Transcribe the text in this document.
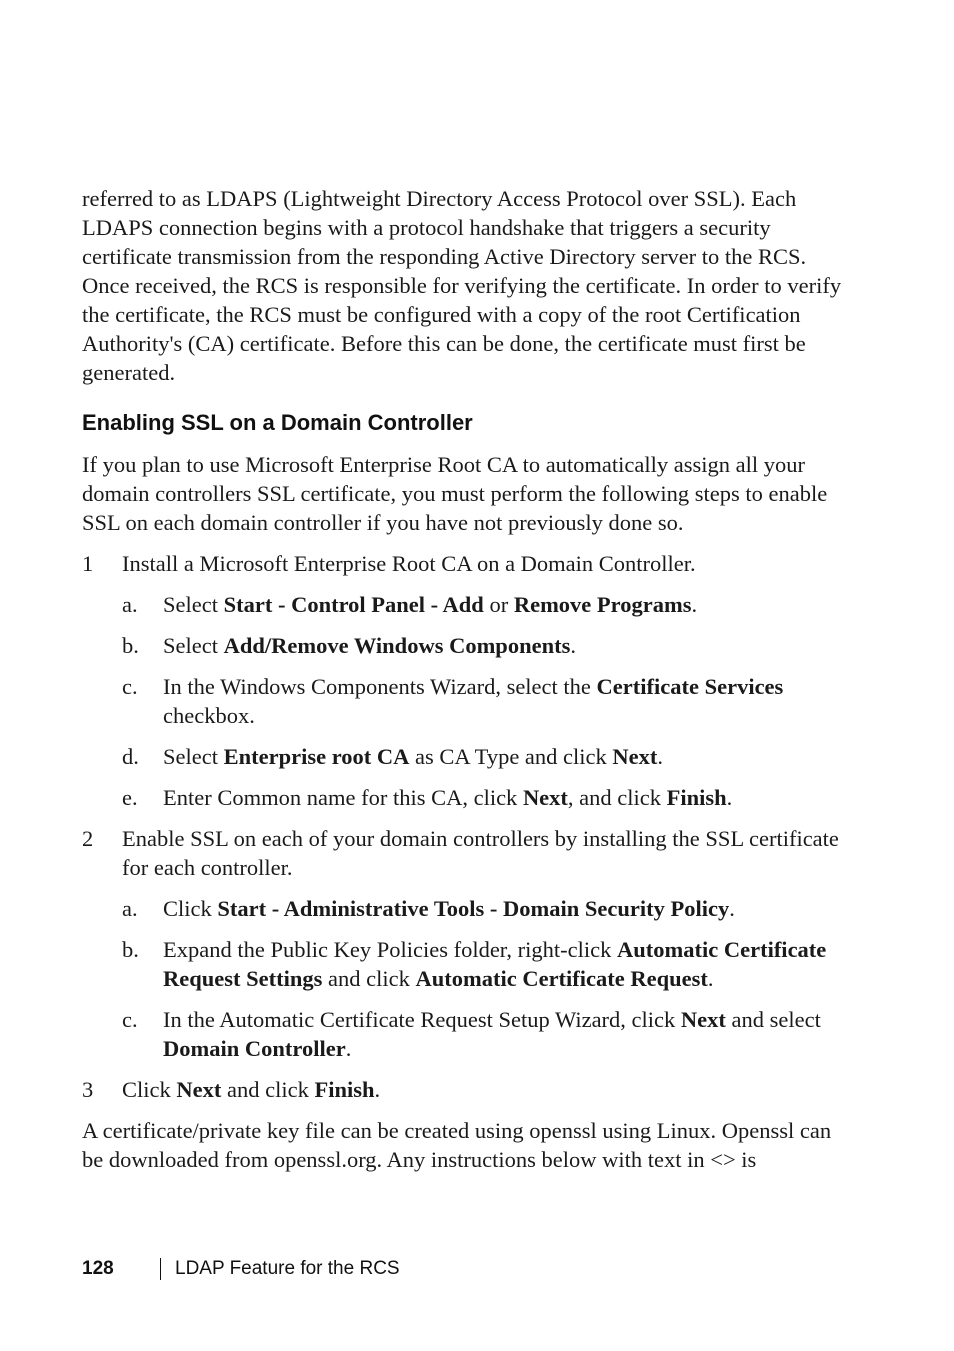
referred to as LDAPS (Lightweight Directory Access Protocol over SSL). Each LDAPS connection begins with a protocol handshake that triggers a security certificate transmission from the responding Active Directory server to the RCS. Once received, the RCS is responsible for verifying the certificate. In order to verify the certificate, the RCS must be configured with a copy of the root Certification Authority's (CA) certificate. Before this can be done, the certificate must first be generated.

Enabling SSL on a Domain Controller

If you plan to use Microsoft Enterprise Root CA to automatically assign all your domain controllers SSL certificate, you must perform the following steps to enable SSL on each domain controller if you have not previously done so.

1 Install a Microsoft Enterprise Root CA on a Domain Controller.
a. Select Start - Control Panel - Add or Remove Programs.
b. Select Add/Remove Windows Components.
c. In the Windows Components Wizard, select the Certificate Services checkbox.
d. Select Enterprise root CA as CA Type and click Next.
e. Enter Common name for this CA, click Next, and click Finish.
2 Enable SSL on each of your domain controllers by installing the SSL certificate for each controller.
a. Click Start - Administrative Tools - Domain Security Policy.
b. Expand the Public Key Policies folder, right-click Automatic Certificate Request Settings and click Automatic Certificate Request.
c. In the Automatic Certificate Request Setup Wizard, click Next and select Domain Controller.
3 Click Next and click Finish.

A certificate/private key file can be created using openssl using Linux. Openssl can be downloaded from openssl.org. Any instructions below with text in <> is

128	LDAP Feature for the RCS
